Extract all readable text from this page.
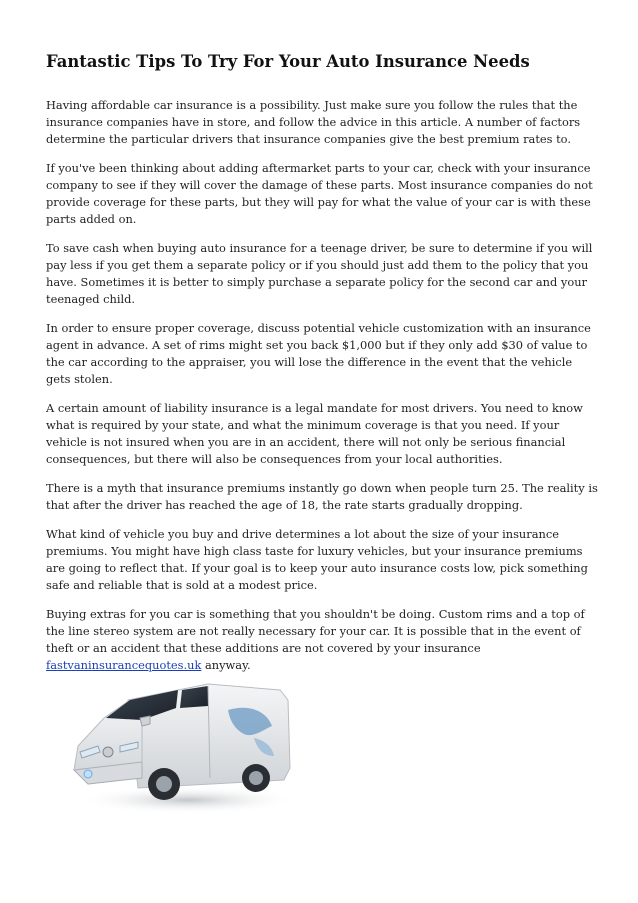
Fantastic Tips To Try For Your Auto Insurance Needs

Having affordable car insurance is a possibility. Just make sure you follow the rules that the insurance companies have in store, and follow the advice in this article. A number of factors determine the particular drivers that insurance companies give the best premium rates to.

If you've been thinking about adding aftermarket parts to your car, check with your insurance company to see if they will cover the damage of these parts. Most insurance companies do not provide coverage for these parts, but they will pay for what the value of your car is with these parts added on.

To save cash when buying auto insurance for a teenage driver, be sure to determine if you will pay less if you get them a separate policy or if you should just add them to the policy that you have. Sometimes it is better to simply purchase a separate policy for the second car and your teenaged child.

In order to ensure proper coverage, discuss potential vehicle customization with an insurance agent in advance. A set of rims might set you back $1,000 but if they only add $30 of value to the car according to the appraiser, you will lose the difference in the event that the vehicle gets stolen.

A certain amount of liability insurance is a legal mandate for most drivers. You need to know what is required by your state, and what the minimum coverage is that you need. If your vehicle is not insured when you are in an accident, there will not only be serious financial consequences, but there will also be consequences from your local authorities.

There is a myth that insurance premiums instantly go down when people turn 25. The reality is that after the driver has reached the age of 18, the rate starts gradually dropping.

What kind of vehicle you buy and drive determines a lot about the size of your insurance premiums. You might have high class taste for luxury vehicles, but your insurance premiums are going to reflect that. If your goal is to keep your auto insurance costs low, pick something safe and reliable that is sold at a modest price.

Buying extras for you car is something that you shouldn't be doing. Custom rims and a top of the line stereo system are not really necessary for your car. It is possible that in the event of theft or an accident that these additions are not covered by your insurance fastvaninsurancequotes.uk anyway.
